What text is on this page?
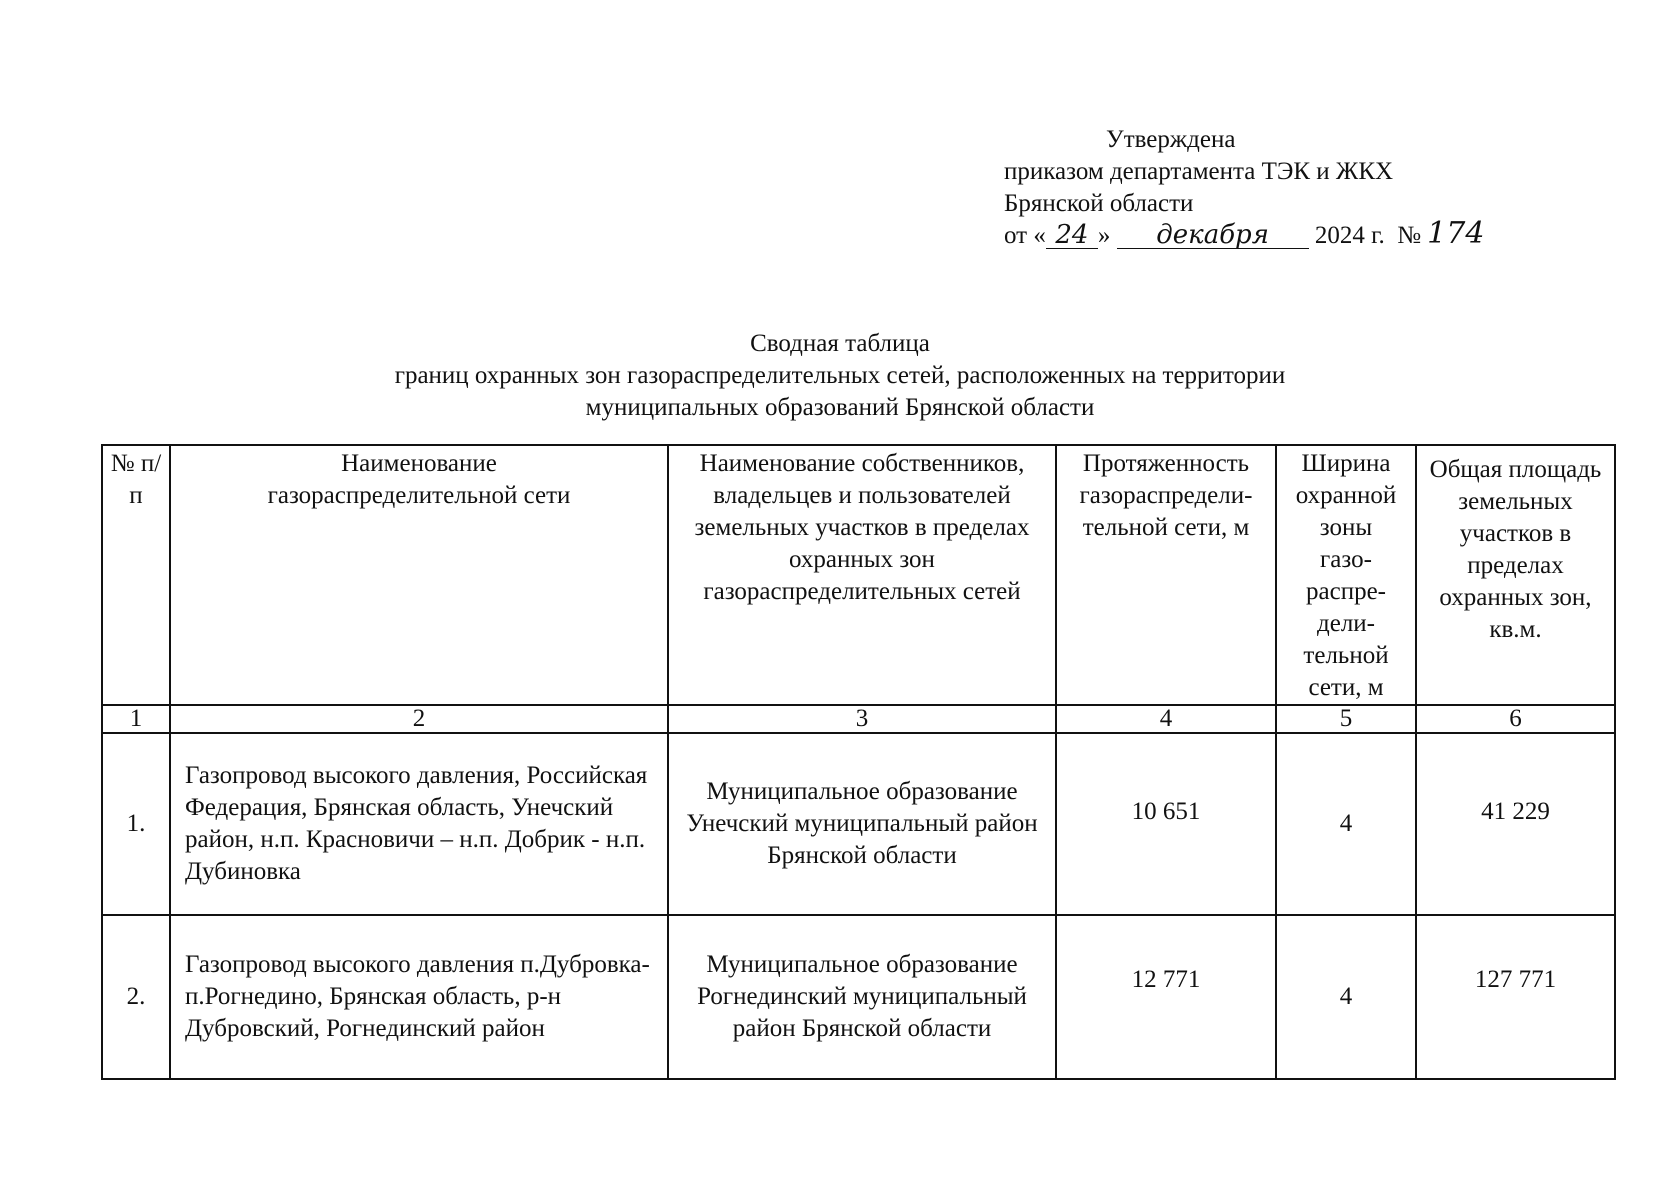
Утверждена
приказом департамента ТЭК и ЖКХ
Брянской области
от « 24 » декабря 2024 г. № 174
Сводная таблица
границ охранных зон газораспределительных сетей, расположенных на территории
муниципальных образований Брянской области
№ п/п	Наименование газораспределительной сети	Наименование собственников, владельцев и пользователей земельных участков в пределах охранных зон газораспределительных сетей	Протяженность газораспредели-тельной сети, м	Ширина охранной зоны газо-распре-дели-тельной сети, м	Общая площадь земельных участков в пределах охранных зон, кв.м.
1	2	3	4	5	6
1.	Газопровод высокого давления, Российская Федерация, Брянская область, Унечский район, н.п. Красновичи – н.п. Добрик - н.п. Дубиновка	Муниципальное образование Унечский муниципальный район Брянской области	10 651	4	41 229
2.	Газопровод высокого давления п.Дубровка-п.Рогнедино, Брянская область, р-н Дубровский, Рогнединский район	Муниципальное образование Рогнединский муниципальный район Брянской области	12 771	4	127 771
